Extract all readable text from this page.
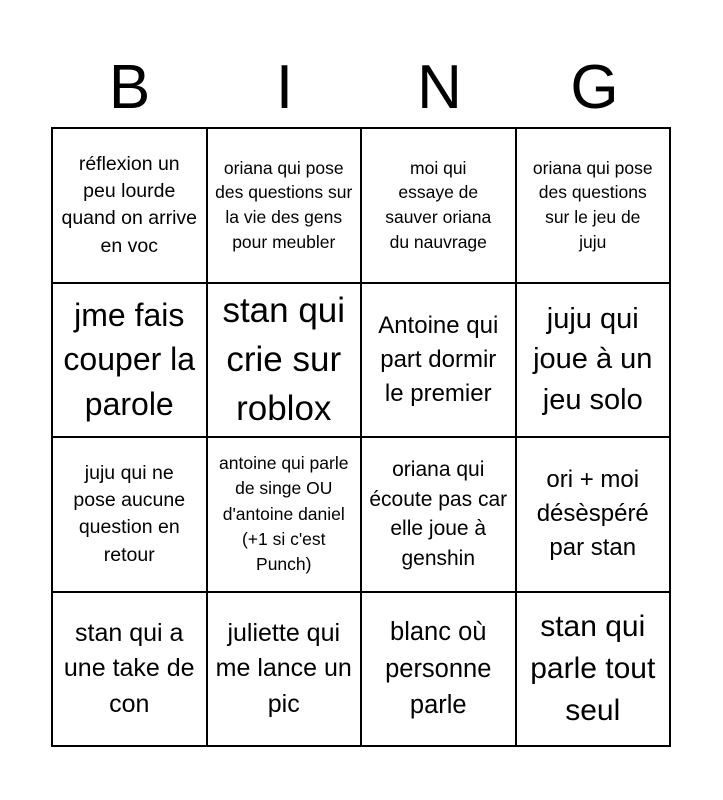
B	I	N	G
réflexion un peu lourde quand on arrive en voc
oriana qui pose des questions sur la vie des gens pour meubler
moi qui essaye de sauver oriana du nauvrage
oriana qui pose des questions sur le jeu de juju
jme fais couper la parole
stan qui crie sur roblox
Antoine qui part dormir le premier
juju qui joue à un jeu solo
juju qui ne pose aucune question en retour
antoine qui parle de singe OU d'antoine daniel (+1 si c'est Punch)
oriana qui écoute pas car elle joue à genshin
ori + moi désèspéré par stan
stan qui a une take de con
juliette qui me lance un pic
blanc où personne parle
stan qui parle tout seul
